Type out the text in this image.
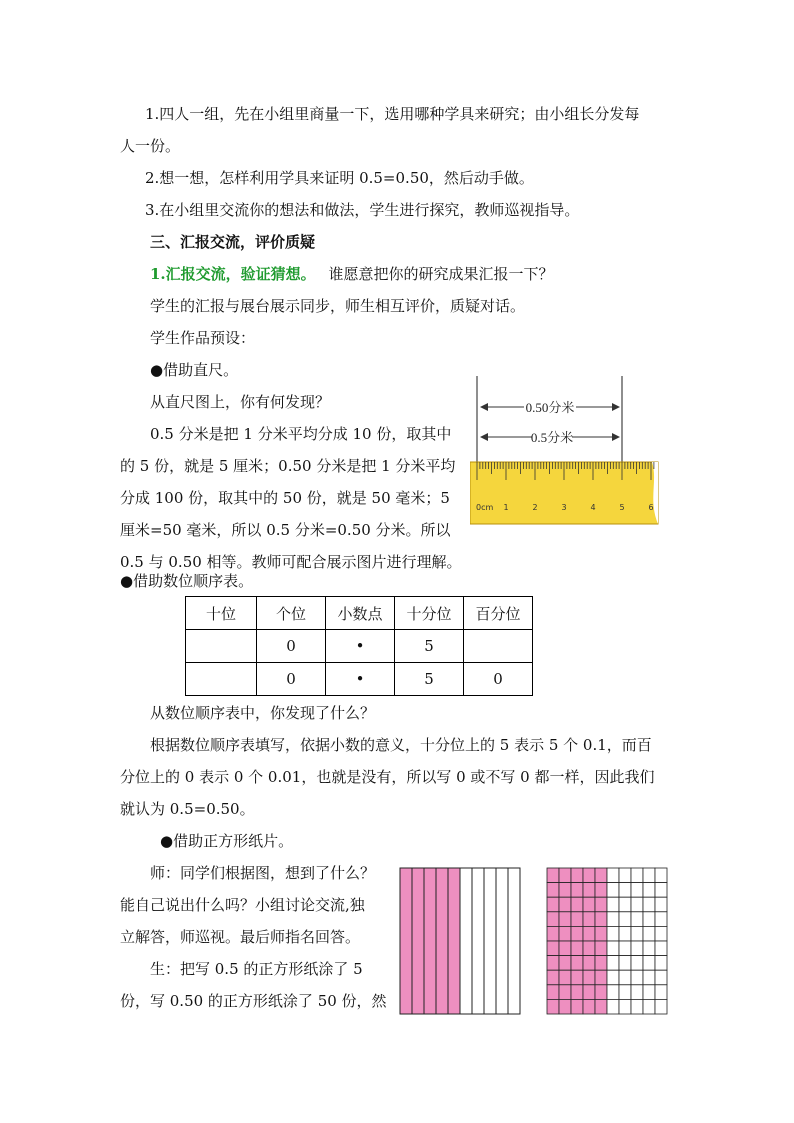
1.四人一组，先在小组里商量一下，选用哪种学具来研究；由小组长分发每
人一份。
2.想一想，怎样利用学具来证明 0.5=0.50，然后动手做。
3.在小组里交流你的想法和做法，学生进行探究，教师巡视指导。
三、汇报交流，评价质疑
1.汇报交流，验证猜想。 谁愿意把你的研究成果汇报一下？
学生的汇报与展台展示同步，师生相互评价，质疑对话。
学生作品预设：
●借助直尺。
从直尺图上，你有何发现？
0.5 分米是把 1 分米平均分成 10 份，取其中
的 5 份，就是 5 厘米；0.50 分米是把 1 分米平均
分成 100 份，取其中的 50 份，就是 50 毫米；5
厘米=50 毫米，所以 0.5 分米=0.50 分米。所以
0.5 与 0.50 相等。教师可配合展示图片进行理解。
0.50分米
0.5分米
0cm 1	2	3	4	5	6
●借助数位顺序表。
十位	个位	小数点	十分位	百分位
	0	•	5	
	0	•	5	0
从数位顺序表中，你发现了什么？
根据数位顺序表填写，依据小数的意义，十分位上的 5 表示 5 个 0.1，而百
分位上的 0 表示 0 个 0.01，也就是没有，所以写 0 或不写 0 都一样，因此我们
就认为 0.5=0.50。
●借助正方形纸片。
师：同学们根据图，想到了什么？
能自己说出什么吗？小组讨论交流,独
立解答，师巡视。最后师指名回答。
生：把写 0.5 的正方形纸涂了 5
份，写 0.50 的正方形纸涂了 50 份，然
